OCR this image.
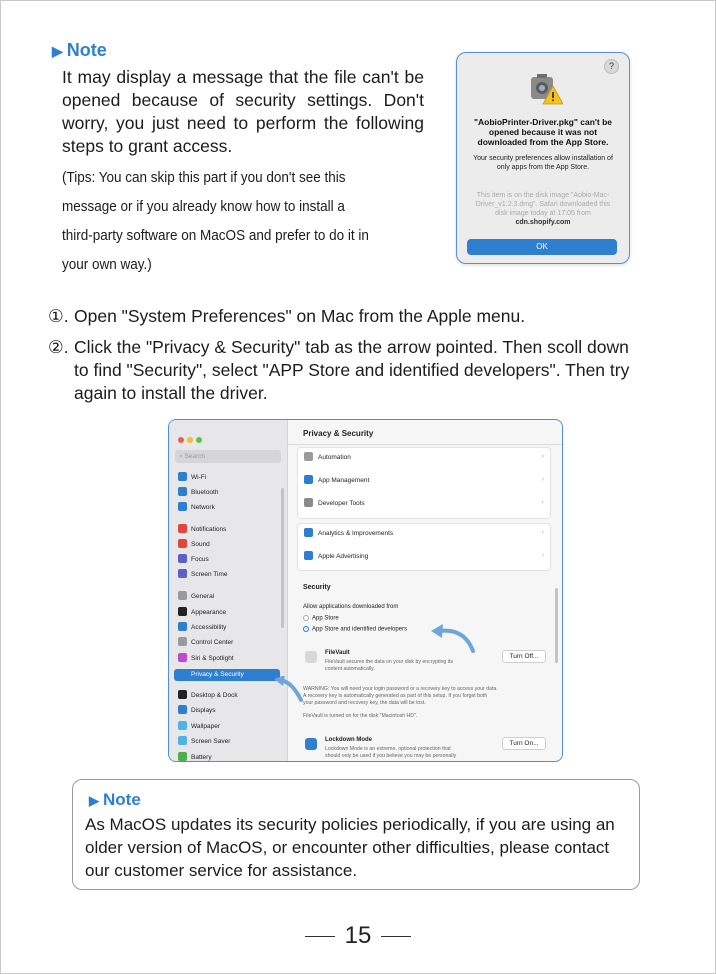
▶ Note
It may display a message that the file can't be opened because of security settings. Don't worry, you just need to perform the following steps to grant access.
(Tips: You can skip this part if you don't see this
message or if you already know how to install a
third-party software on MacOS and prefer to do it in
your own way.)
?
"AobioPrinter-Driver.pkg" can't be opened because it was not downloaded from the App Store.
Your security preferences allow installation of only apps from the App Store.
This item is on the disk image "Aobio-Mac-Driver_v1.2.3.dmg". Safari downloaded this disk image today at 17:05 from cdn.shopify.com
OK
①. Open "System Preferences" on Mac from the Apple menu.
②. Click the "Privacy & Security" tab as the arrow pointed. Then scoll down
to find "Security", select "APP Store and identified developers". Then try
again to install the driver.
⌕ Search
Wi-Fi
Bluetooth
Network
Notifications
Sound
Focus
Screen Time
General
Appearance
Accessibility
Control Center
Siri & Spotlight
Privacy & Security
Desktop & Dock
Displays
Wallpaper
Screen Saver
Battery
Privacy & Security
Automation	›
App Management	›
Developer Tools	›
Analytics & Improvements	›
Apple Advertising	›
Security
Allow applications downloaded from
App Store
App Store and identified developers
FileVault
FileVault secures the data on your disk by encrypting its
content automatically.
Turn Off...
WARNING: You will need your login password or a recovery key to access your data.
A recovery key is automatically generated as part of this setup. If you forget both
your password and recovery key, the data will be lost.
FileVault is turned on for the disk "Macintosh HD".
Lockdown Mode
Lockdown Mode is an extreme, optional protection that
should only be used if you believe you may be personally
Turn On...
▶ Note
As MacOS updates its security policies periodically, if you are using an older version of MacOS, or encounter other difficulties, please contact our customer service for assistance.
15
